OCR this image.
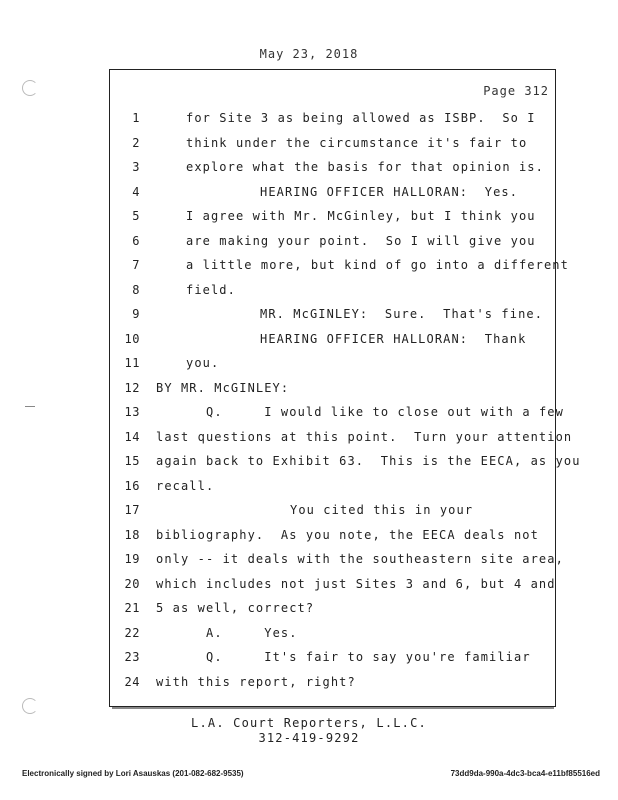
May 23, 2018
Page 312
1	for Site 3 as being allowed as ISBP.  So I
2	think under the circumstance it's fair to
3	explore what the basis for that opinion is.
4	HEARING OFFICER HALLORAN:  Yes.
5	I agree with Mr. McGinley, but I think you
6	are making your point.  So I will give you
7	a little more, but kind of go into a different
8	field.
9	MR. McGINLEY:  Sure.  That's fine.
10	HEARING OFFICER HALLORAN:  Thank
11	you.
12 BY MR. McGINLEY:
13	Q.     I would like to close out with a few
14 last questions at this point.  Turn your attention
15 again back to Exhibit 63.  This is the EECA, as you
16 recall.
17	You cited this in your
18 bibliography.  As you note, the EECA deals not
19 only -- it deals with the southeastern site area,
20 which includes not just Sites 3 and 6, but 4 and
21 5 as well, correct?
22	A.     Yes.
23	Q.     It's fair to say you're familiar
24 with this report, right?
L.A. Court Reporters, L.L.C.
312-419-9292
Electronically signed by Lori Asauskas (201-082-682-9535)	73dd9da-990a-4dc3-bca4-e11bf85516ed
